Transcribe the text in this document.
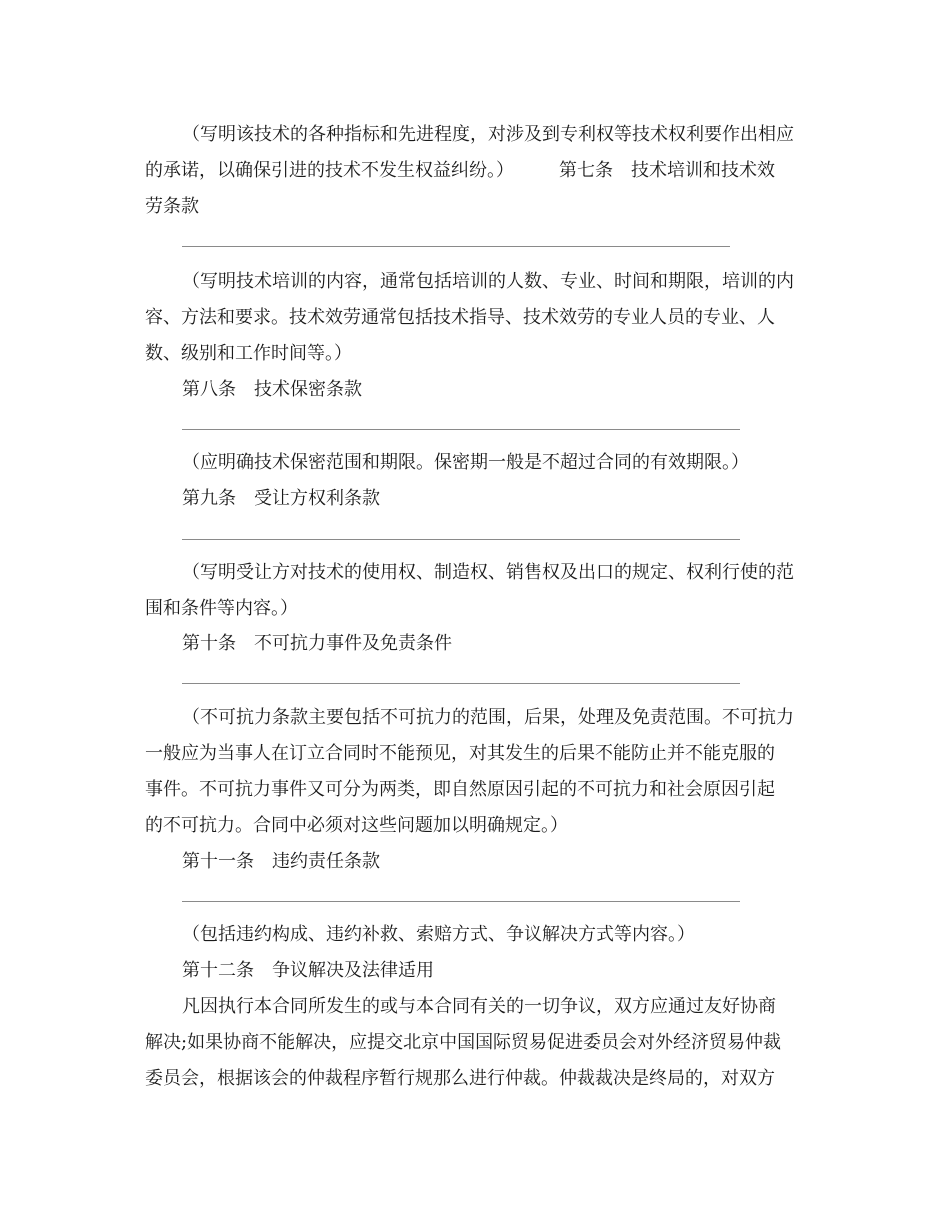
（写明该技术的各种指标和先进程度，对涉及到专利权等技术权利要作出相应
的承诺，以确保引进的技术不发生权益纠纷。）　　　第七条　技术培训和技术效
劳条款
（写明技术培训的内容，通常包括培训的人数、专业、时间和期限，培训的内
容、方法和要求。技术效劳通常包括技术指导、技术效劳的专业人员的专业、人
数、级别和工作时间等。）
第八条　技术保密条款
（应明确技术保密范围和期限。保密期一般是不超过合同的有效期限。）
第九条　受让方权利条款
（写明受让方对技术的使用权、制造权、销售权及出口的规定、权利行使的范
围和条件等内容。）
第十条　不可抗力事件及免责条件
（不可抗力条款主要包括不可抗力的范围，后果，处理及免责范围。不可抗力
一般应为当事人在订立合同时不能预见，对其发生的后果不能防止并不能克服的
事件。不可抗力事件又可分为两类，即自然原因引起的不可抗力和社会原因引起
的不可抗力。合同中必须对这些问题加以明确规定。）
第十一条　违约责任条款
（包括违约构成、违约补救、索赔方式、争议解决方式等内容。）
第十二条　争议解决及法律适用
凡因执行本合同所发生的或与本合同有关的一切争议，双方应通过友好协商
解决;如果协商不能解决，应提交北京中国国际贸易促进委员会对外经济贸易仲裁
委员会，根据该会的仲裁程序暂行规那么进行仲裁。仲裁裁决是终局的，对双方
